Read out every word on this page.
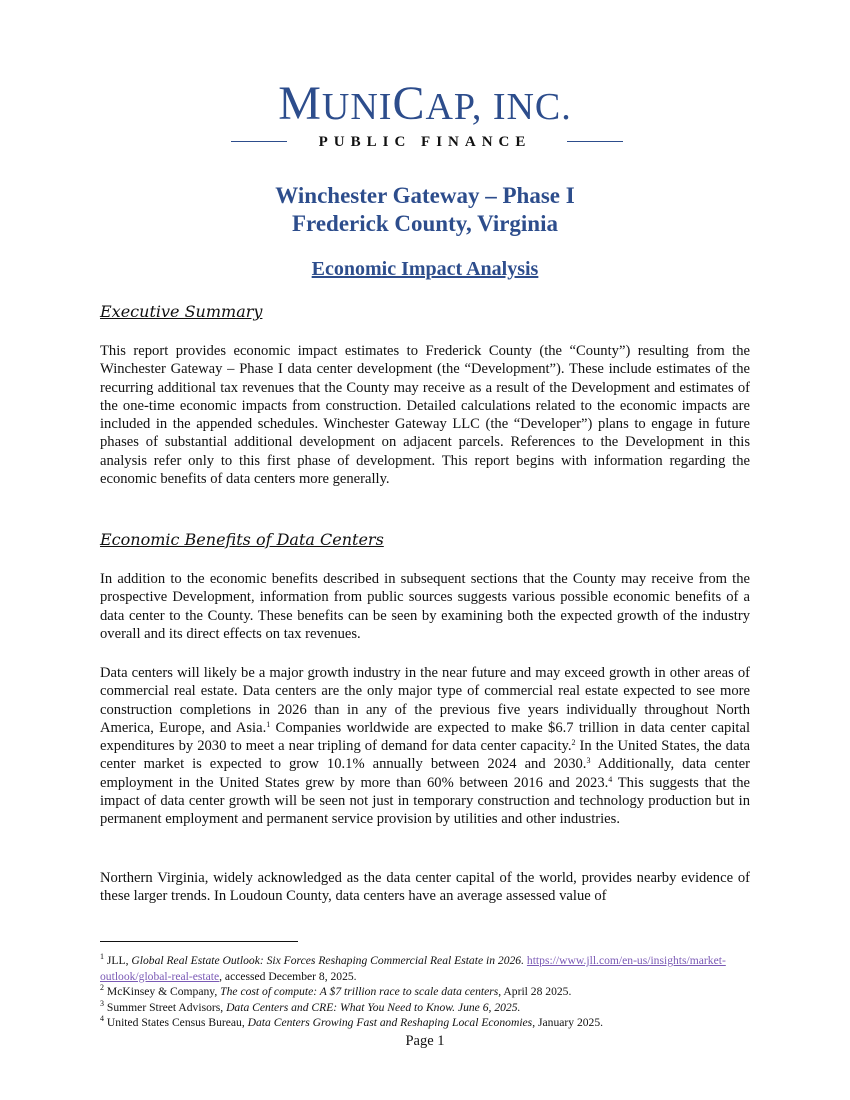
MUNICAP, INC.
PUBLIC FINANCE
Winchester Gateway – Phase I
Frederick County, Virginia
Economic Impact Analysis
Executive Summary
This report provides economic impact estimates to Frederick County (the “County”) resulting from the Winchester Gateway – Phase I data center development (the “Development”). These include estimates of the recurring additional tax revenues that the County may receive as a result of the Development and estimates of the one-time economic impacts from construction. Detailed calculations related to the economic impacts are included in the appended schedules. Winchester Gateway LLC (the “Developer”) plans to engage in future phases of substantial additional development on adjacent parcels. References to the Development in this analysis refer only to this first phase of development. This report begins with information regarding the economic benefits of data centers more generally.
Economic Benefits of Data Centers
In addition to the economic benefits described in subsequent sections that the County may receive from the prospective Development, information from public sources suggests various possible economic benefits of a data center to the County. These benefits can be seen by examining both the expected growth of the industry overall and its direct effects on tax revenues.
Data centers will likely be a major growth industry in the near future and may exceed growth in other areas of commercial real estate. Data centers are the only major type of commercial real estate expected to see more construction completions in 2026 than in any of the previous five years individually throughout North America, Europe, and Asia.$^1$ Companies worldwide are expected to make $6.7 trillion in data center capital expenditures by 2030 to meet a near tripling of demand for data center capacity.$^2$ In the United States, the data center market is expected to grow 10.1% annually between 2024 and 2030.$^3$ Additionally, data center employment in the United States grew by more than 60% between 2016 and 2023.$^4$ This suggests that the impact of data center growth will be seen not just in temporary construction and technology production but in permanent employment and permanent service provision by utilities and other industries.
Northern Virginia, widely acknowledged as the data center capital of the world, provides nearby evidence of these larger trends. In Loudoun County, data centers have an average assessed value of
$^1$ JLL, Global Real Estate Outlook: Six Forces Reshaping Commercial Real Estate in 2026. https://www.jll.com/en-us/insights/market-outlook/global-real-estate, accessed December 8, 2025.
$^2$ McKinsey & Company, The cost of compute: A $7 trillion race to scale data centers, April 28 2025.
$^3$ Summer Street Advisors, Data Centers and CRE: What You Need to Know. June 6, 2025.
$^4$ United States Census Bureau, Data Centers Growing Fast and Reshaping Local Economies, January 2025.
Page 1
